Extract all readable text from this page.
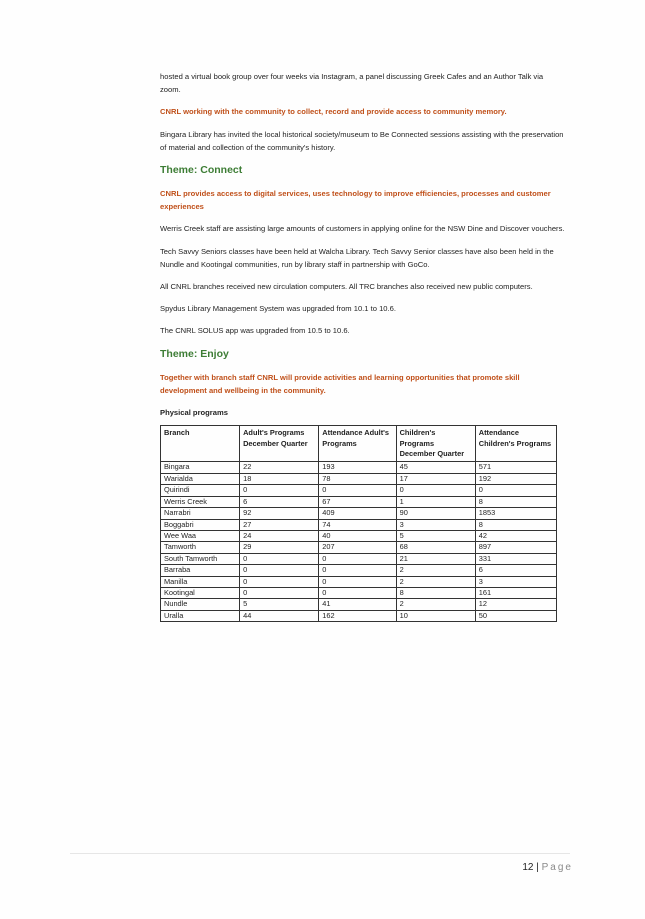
hosted a virtual book group over four weeks via Instagram, a panel discussing Greek Cafes and an Author Talk via zoom.

CNRL working with the community to collect, record and provide access to community memory.

Bingara Library has invited the local historical society/museum to Be Connected sessions assisting with the preservation of material and collection of the community's history.

Theme: Connect

CNRL provides access to digital services, uses technology to improve efficiencies, processes and customer experiences

Werris Creek staff are assisting large amounts of customers in applying online for the NSW Dine and Discover vouchers.

Tech Savvy Seniors classes have been held at Walcha Library. Tech Savvy Senior classes have also been held in the Nundle and Kootingal communities, run by library staff in partnership with GoCo.

All CNRL branches received new circulation computers. All TRC branches also received new public computers.

Spydus Library Management System was upgraded from 10.1 to 10.6.

The CNRL SOLUS app was upgraded from 10.5 to 10.6.

Theme: Enjoy

Together with branch staff CNRL will provide activities and learning opportunities that promote skill development and wellbeing in the community.

Physical programs
Branch	Adult's Programs December Quarter	Attendance Adult's Programs	Children's Programs December Quarter	Attendance Children's Programs
Bingara	22	193	45	571
Warialda	18	78	17	192
Quirindi	0	0	0	0
Werris Creek	6	67	1	8
Narrabri	92	409	90	1853
Boggabri	27	74	3	8
Wee Waa	24	40	5	42
Tamworth	29	207	68	897
South Tamworth	0	0	21	331
Barraba	0	0	2	6
Manilla	0	0	2	3
Kootingal	0	0	8	161
Nundle	5	41	2	12
Uralla	44	162	10	50
12 | Page
